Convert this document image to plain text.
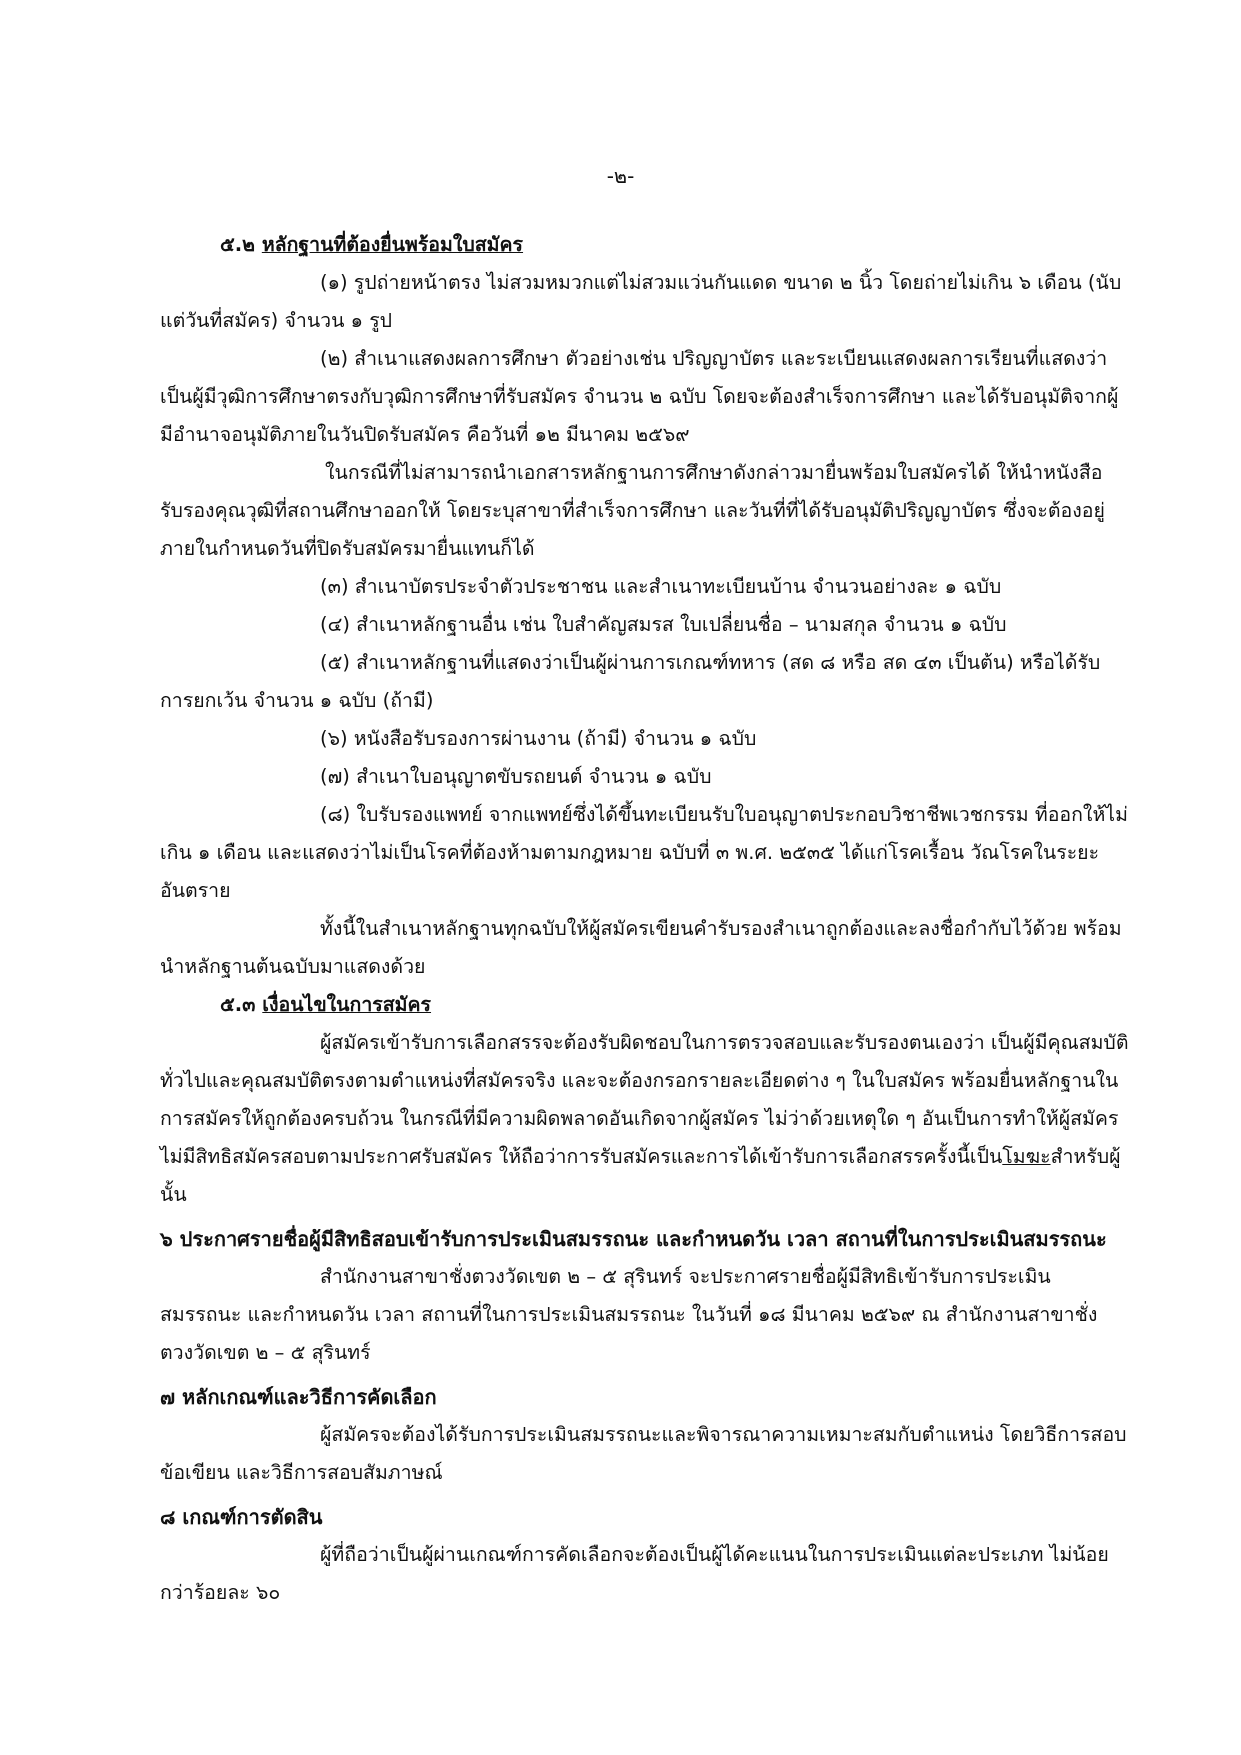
-๒-

๕.๒ หลักฐานที่ต้องยื่นพร้อมใบสมัคร

(๑) รูปถ่ายหน้าตรง ไม่สวมหมวกแต่ไม่สวมแว่นกันแดด ขนาด ๒ นิ้ว โดยถ่ายไม่เกิน ๖ เดือน (นับแต่วันที่สมัคร) จำนวน ๑ รูป

(๒) สำเนาแสดงผลการศึกษา ตัวอย่างเช่น ปริญญาบัตร และระเบียนแสดงผลการเรียนที่แสดงว่าเป็นผู้มีวุฒิการศึกษาตรงกับวุฒิการศึกษาที่รับสมัคร จำนวน ๒ ฉบับ โดยจะต้องสำเร็จการศึกษา และได้รับอนุมัติจากผู้มีอำนาจอนุมัติภายในวันปิดรับสมัคร คือวันที่ ๑๒ มีนาคม ๒๕๖๙

ในกรณีที่ไม่สามารถนำเอกสารหลักฐานการศึกษาดังกล่าวมายื่นพร้อมใบสมัครได้ ให้นำหนังสือรับรองคุณวุฒิที่สถานศึกษาออกให้ โดยระบุสาขาที่สำเร็จการศึกษา และวันที่ที่ได้รับอนุมัติปริญญาบัตร ซึ่งจะต้องอยู่ภายในกำหนดวันที่ปิดรับสมัครมายื่นแทนก็ได้

(๓) สำเนาบัตรประจำตัวประชาชน และสำเนาทะเบียนบ้าน จำนวนอย่างละ ๑ ฉบับ

(๔) สำเนาหลักฐานอื่น เช่น ใบสำคัญสมรส ใบเปลี่ยนชื่อ – นามสกุล จำนวน ๑ ฉบับ

(๕) สำเนาหลักฐานที่แสดงว่าเป็นผู้ผ่านการเกณฑ์ทหาร (สด ๘ หรือ สด ๔๓ เป็นต้น) หรือได้รับการยกเว้น จำนวน ๑ ฉบับ (ถ้ามี)

(๖) หนังสือรับรองการผ่านงาน (ถ้ามี) จำนวน ๑ ฉบับ

(๗) สำเนาใบอนุญาตขับรถยนต์ จำนวน ๑ ฉบับ

(๘) ใบรับรองแพทย์ จากแพทย์ซึ่งได้ขึ้นทะเบียนรับใบอนุญาตประกอบวิชาชีพเวชกรรม ที่ออกให้ไม่เกิน ๑ เดือน และแสดงว่าไม่เป็นโรคที่ต้องห้ามตามกฎหมาย ฉบับที่ ๓ พ.ศ. ๒๕๓๕ ได้แก่โรคเรื้อน วัณโรคในระยะอันตราย

ทั้งนี้ในสำเนาหลักฐานทุกฉบับให้ผู้สมัครเขียนคำรับรองสำเนาถูกต้องและลงชื่อกำกับไว้ด้วย พร้อมนำหลักฐานต้นฉบับมาแสดงด้วย

๕.๓ เงื่อนไขในการสมัคร

ผู้สมัครเข้ารับการเลือกสรรจะต้องรับผิดชอบในการตรวจสอบและรับรองตนเองว่า เป็นผู้มีคุณสมบัติทั่วไปและคุณสมบัติตรงตามตำแหน่งที่สมัครจริง และจะต้องกรอกรายละเอียดต่าง ๆ ในใบสมัคร พร้อมยื่นหลักฐานในการสมัครให้ถูกต้องครบถ้วน ในกรณีที่มีความผิดพลาดอันเกิดจากผู้สมัคร ไม่ว่าด้วยเหตุใด ๆ อันเป็นการทำให้ผู้สมัครไม่มีสิทธิสมัครสอบตามประกาศรับสมัคร ให้ถือว่าการรับสมัครและการได้เข้ารับการเลือกสรรครั้งนี้เป็นโมฆะสำหรับผู้นั้น

๖ ประกาศรายชื่อผู้มีสิทธิสอบเข้ารับการประเมินสมรรถนะ และกำหนดวัน เวลา สถานที่ในการประเมินสมรรถนะ

สำนักงานสาขาชั่งตวงวัดเขต ๒ – ๕ สุรินทร์ จะประกาศรายชื่อผู้มีสิทธิเข้ารับการประเมินสมรรถนะ และกำหนดวัน เวลา สถานที่ในการประเมินสมรรถนะ ในวันที่ ๑๘ มีนาคม ๒๕๖๙ ณ สำนักงานสาขาชั่งตวงวัดเขต ๒ – ๕ สุรินทร์

๗ หลักเกณฑ์และวิธีการคัดเลือก

ผู้สมัครจะต้องได้รับการประเมินสมรรถนะและพิจารณาความเหมาะสมกับตำแหน่ง โดยวิธีการสอบข้อเขียน และวิธีการสอบสัมภาษณ์

๘ เกณฑ์การตัดสิน

ผู้ที่ถือว่าเป็นผู้ผ่านเกณฑ์การคัดเลือกจะต้องเป็นผู้ได้คะแนนในการประเมินแต่ละประเภท ไม่น้อยกว่าร้อยละ ๖๐
